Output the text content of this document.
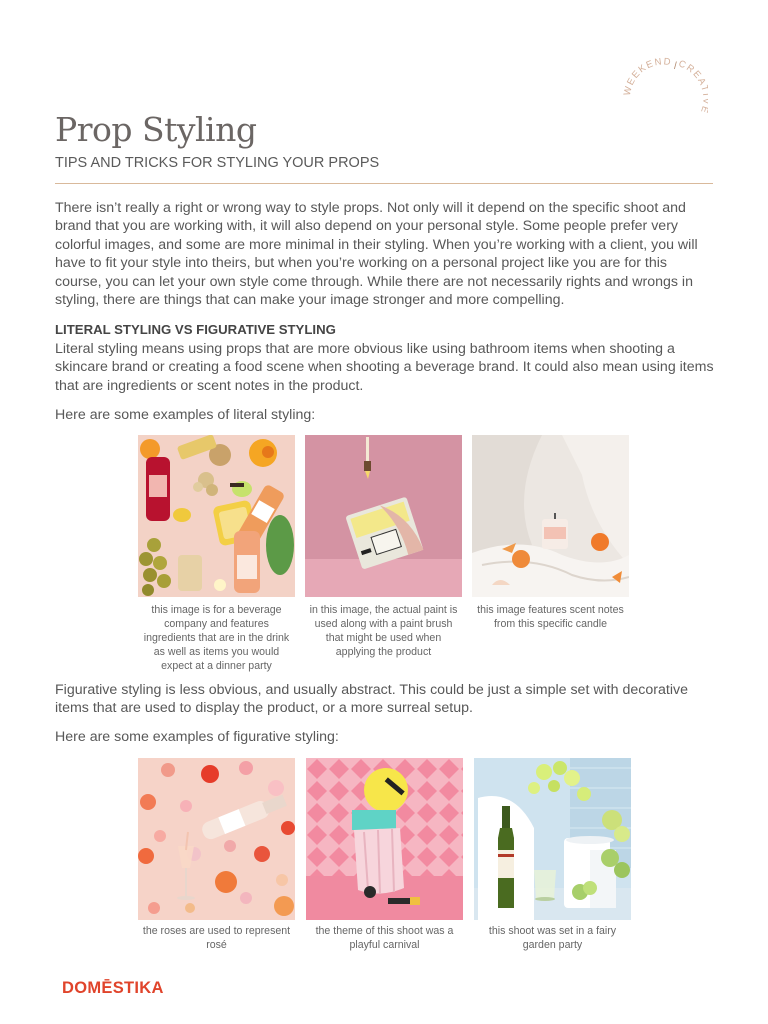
WEEKEND / CREA
Prop Styling
TIPS AND TRICKS FOR STYLING YOUR PROPS

There isn’t really a right or wrong way to style props. Not only will it depend on the specific shoot and brand that you are working with, it will also depend on your personal style. Some people prefer very colorful images, and some are more minimal in their styling. When you’re working with a client, you will have to fit your style into theirs, but when you’re working on a personal project like you are for this course, you can let your own style come through. While there are not necessarily rights and wrongs in styling, there are things that can make your image stronger and more compelling.

LITERAL STYLING VS FIGURATIVE STYLING

Literal styling means using props that are more obvious like using bathroom items when shooting a skincare brand or creating a food scene when shooting a beverage brand. It could also mean using items that are ingredients or scent notes in the product.

Here are some examples of literal styling:

this image is for a beverage company and features ingredients that are in the drink as well as items you would expect at a dinner party
in this image, the actual paint is used along with a paint brush that might be used when applying the product
this image features scent notes from this specific candle

Figurative styling is less obvious, and usually abstract. This could be just a simple set with decorative items that are used to display the product, or a more surreal setup.

Here are some examples of figurative styling:

the roses are used to represent rosé
the theme of this shoot was a playful carnival
this shoot was set in a fairy garden party
DOMĒSTIKA
